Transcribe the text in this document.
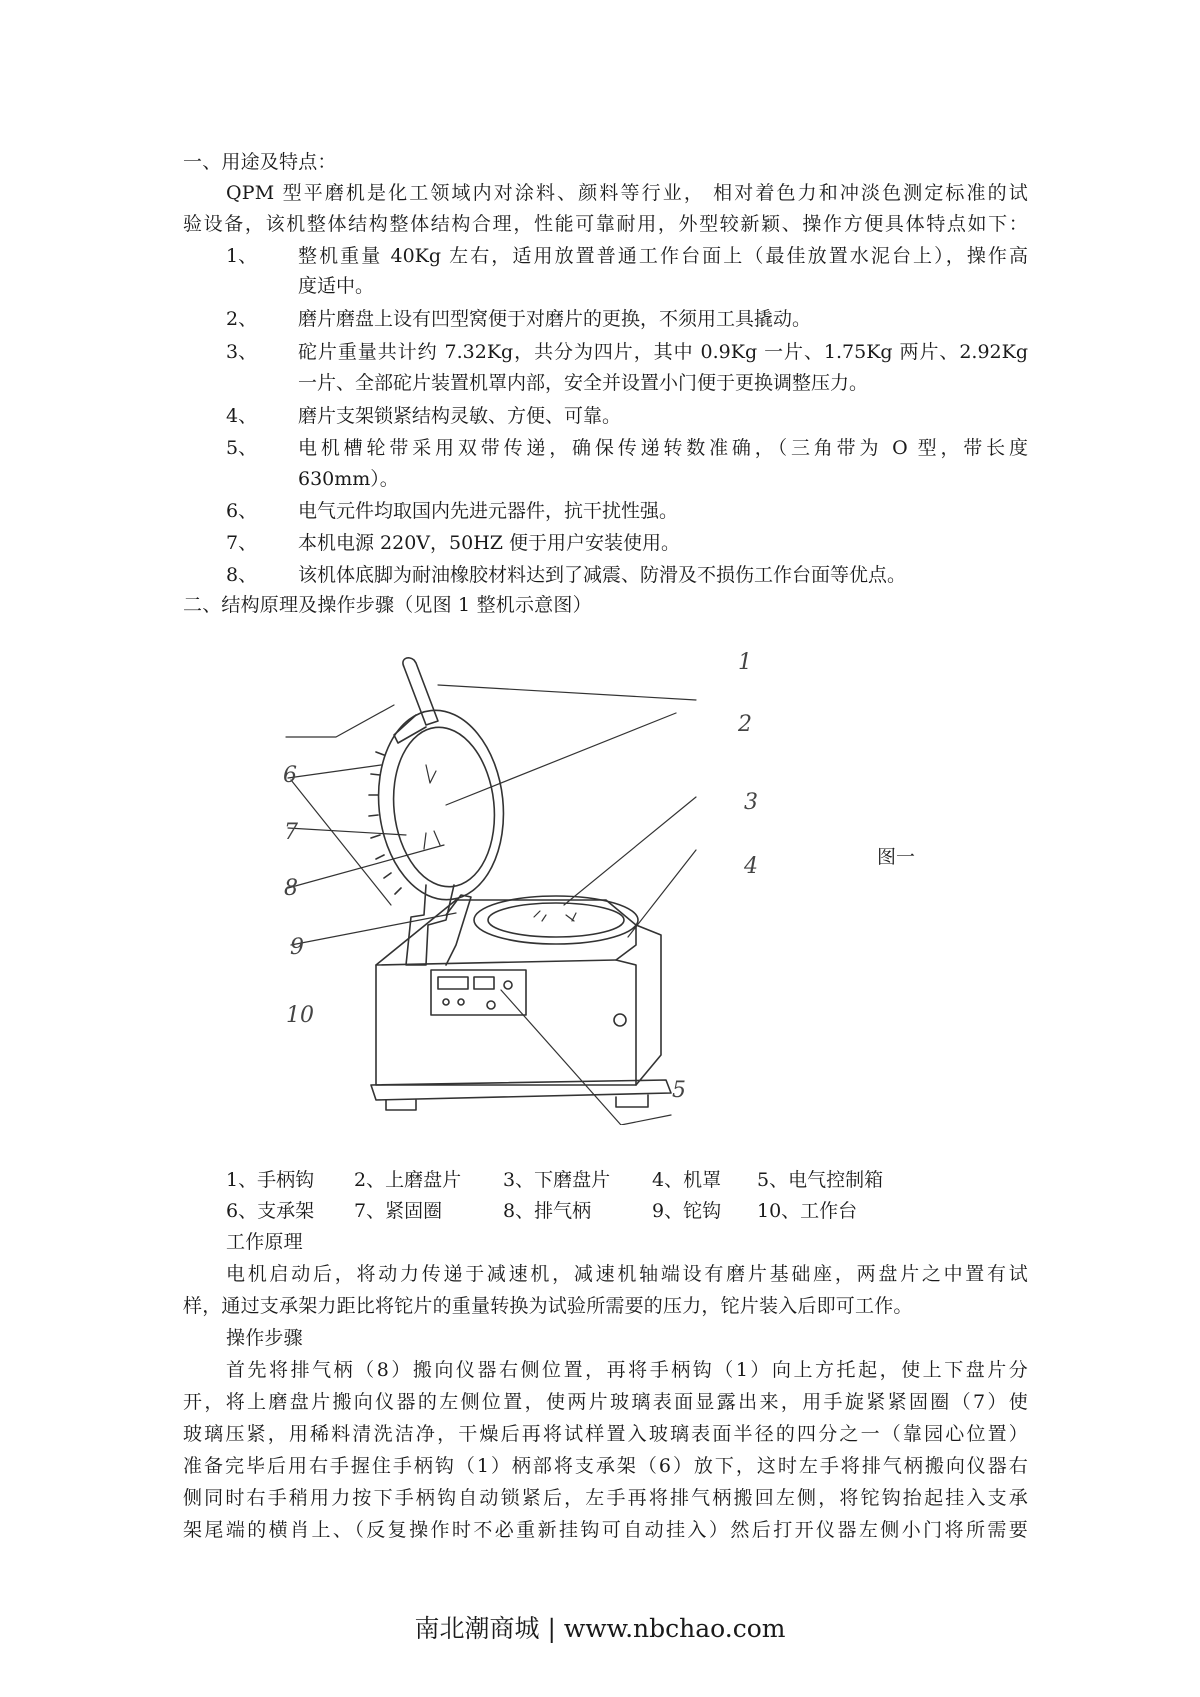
一、用途及特点：
QPM 型平磨机是化工领域内对涂料、颜料等行业， 相对着色力和冲淡色测定标准的试
验设备，该机整体结构整体结构合理，性能可靠耐用，外型较新颖、操作方便具体特点如下：
1、 整机重量 40Kg 左右，适用放置普通工作台面上（最佳放置水泥台上），操作高
度适中。
2、 磨片磨盘上设有凹型窝便于对磨片的更换，不须用工具撬动。
3、 砣片重量共计约 7.32Kg，共分为四片，其中 0.9Kg 一片、1.75Kg 两片、2.92Kg
一片、全部砣片装置机罩内部，安全并设置小门便于更换调整压力。
4、 磨片支架锁紧结构灵敏、方便、可靠。
5、 电机槽轮带采用双带传递，确保传递转数准确，（三角带为 O 型，带长度
630mm）。
6、 电气元件均取国内先进元器件，抗干扰性强。
7、 本机电源 220V，50HZ 便于用户安装使用。
8、 该机体底脚为耐油橡胶材料达到了减震、防滑及不损伤工作台面等优点。
二、结构原理及操作步骤（见图 1 整机示意图）
1
2
3
4
5
6
7
8
9
10
图一
1、手柄钩 2、上磨盘片 3、下磨盘片 4、机罩 5、电气控制箱
6、支承架 7、紧固圈	8、排气柄	9、铊钩 10、工作台
工作原理
电机启动后，将动力传递于减速机，减速机轴端设有磨片基础座，两盘片之中置有试
样，通过支承架力距比将铊片的重量转换为试验所需要的压力，铊片装入后即可工作。
操作步骤
首先将排气柄（8）搬向仪器右侧位置，再将手柄钩（1）向上方托起，使上下盘片分
开，将上磨盘片搬向仪器的左侧位置，使两片玻璃表面显露出来，用手旋紧紧固圈（7）使
玻璃压紧，用稀料清洗洁净，干燥后再将试样置入玻璃表面半径的四分之一（靠园心位置）
准备完毕后用右手握住手柄钩（1）柄部将支承架（6）放下，这时左手将排气柄搬向仪器右
侧同时右手稍用力按下手柄钩自动锁紧后，左手再将排气柄搬回左侧，将铊钩抬起挂入支承
架尾端的横肖上、（反复操作时不必重新挂钩可自动挂入）然后打开仪器左侧小门将所需要
南北潮商城 | www.nbchao.com
